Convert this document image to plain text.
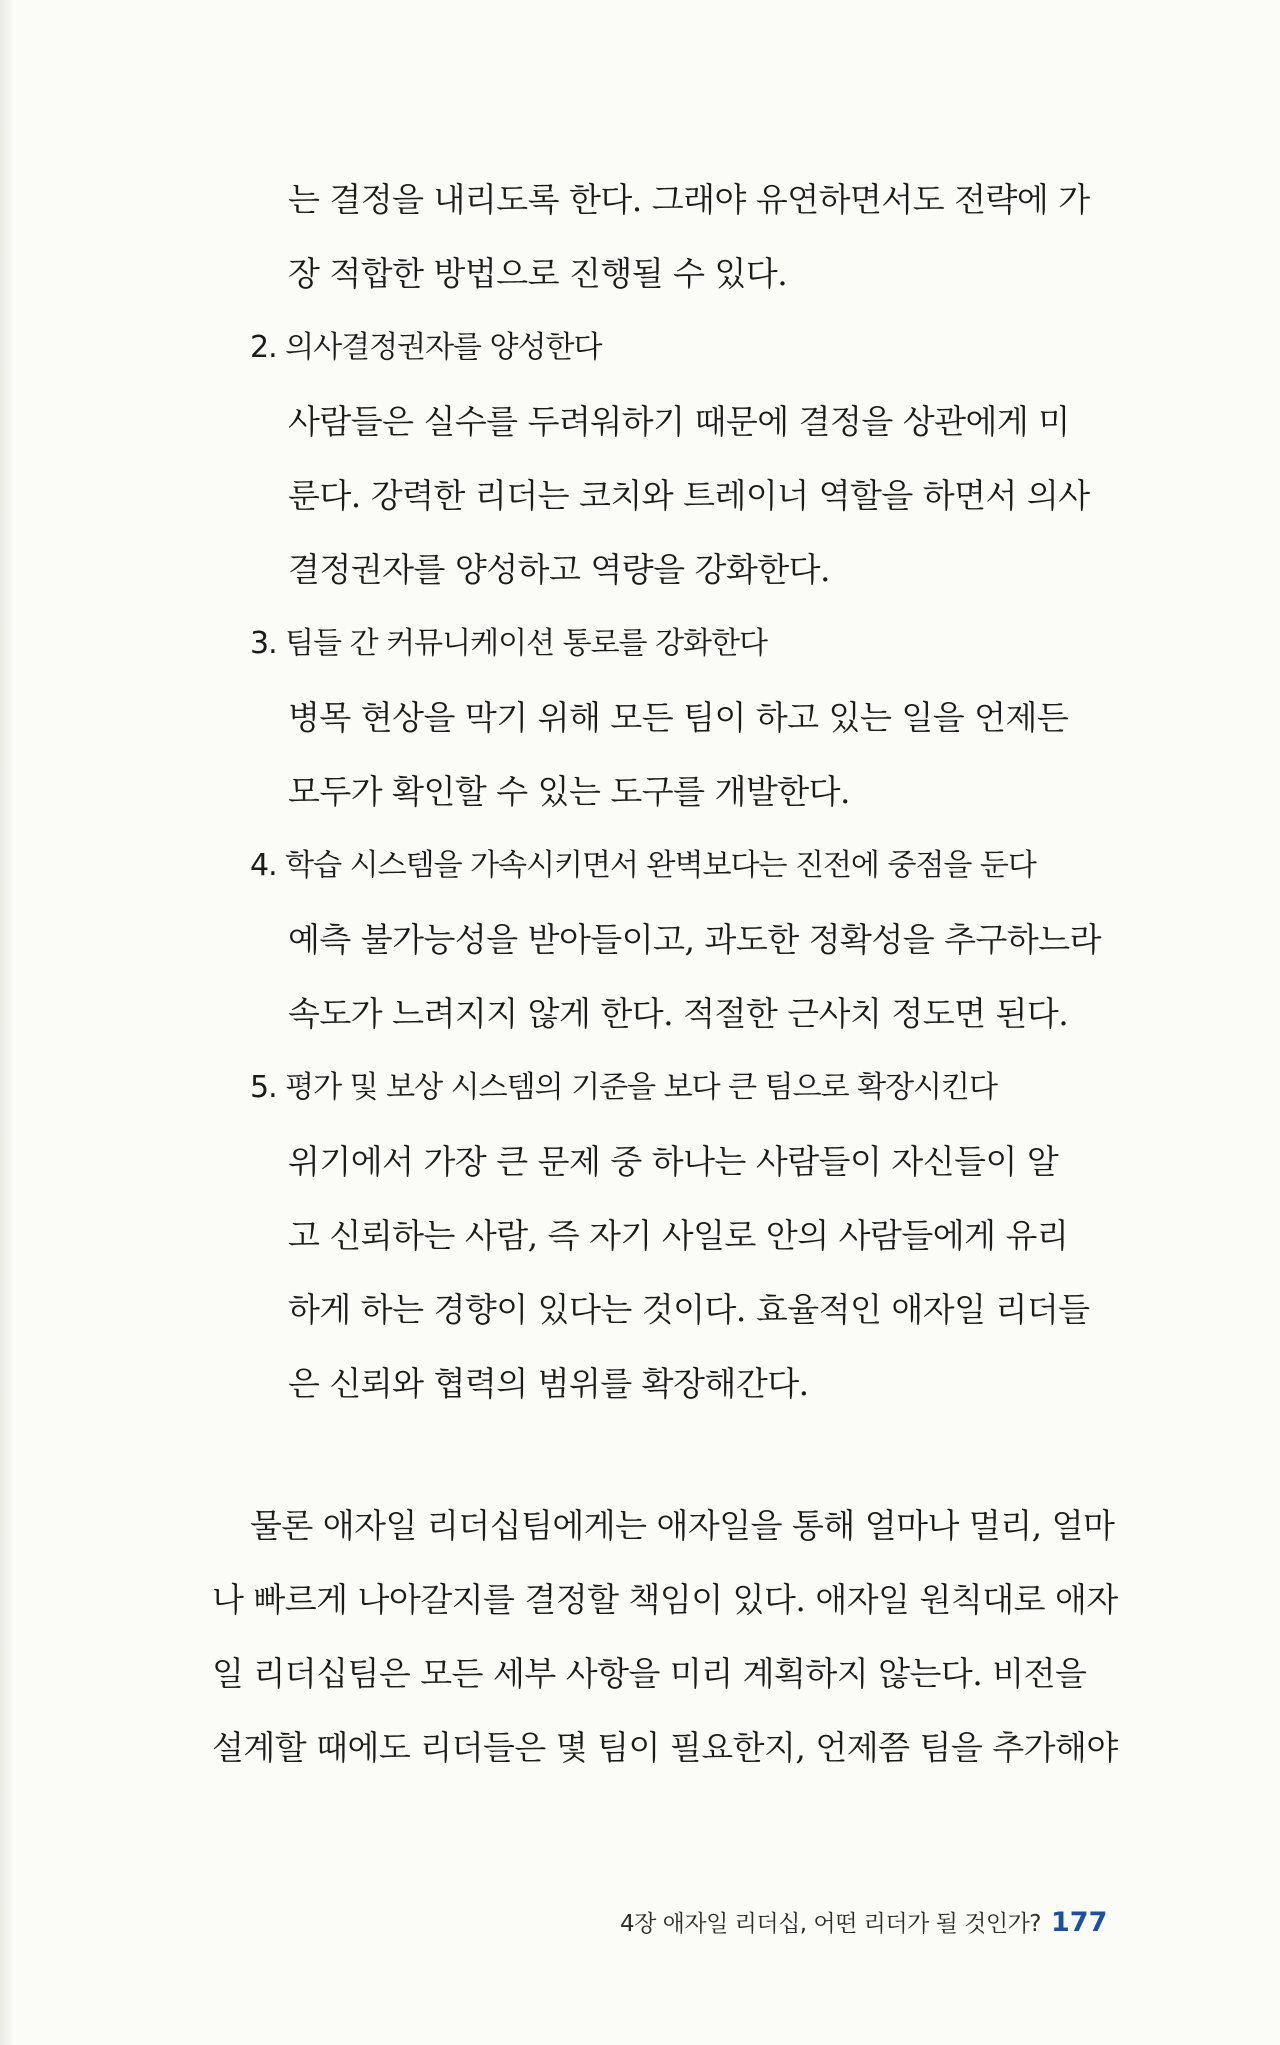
는 결정을 내리도록 한다. 그래야 유연하면서도 전략에 가
장 적합한 방법으로 진행될 수 있다.
2. 의사결정권자를 양성한다
사람들은 실수를 두려워하기 때문에 결정을 상관에게 미
룬다. 강력한 리더는 코치와 트레이너 역할을 하면서 의사
결정권자를 양성하고 역량을 강화한다.
3. 팀들 간 커뮤니케이션 통로를 강화한다
병목 현상을 막기 위해 모든 팀이 하고 있는 일을 언제든
모두가 확인할 수 있는 도구를 개발한다.
4. 학습 시스템을 가속시키면서 완벽보다는 진전에 중점을 둔다
예측 불가능성을 받아들이고, 과도한 정확성을 추구하느라
속도가 느려지지 않게 한다. 적절한 근사치 정도면 된다.
5. 평가 및 보상 시스템의 기준을 보다 큰 팀으로 확장시킨다
위기에서 가장 큰 문제 중 하나는 사람들이 자신들이 알
고 신뢰하는 사람, 즉 자기 사일로 안의 사람들에게 유리
하게 하는 경향이 있다는 것이다. 효율적인 애자일 리더들
은 신뢰와 협력의 범위를 확장해간다.
물론 애자일 리더십팀에게는 애자일을 통해 얼마나 멀리, 얼마
나 빠르게 나아갈지를 결정할 책임이 있다. 애자일 원칙대로 애자
일 리더십팀은 모든 세부 사항을 미리 계획하지 않는다. 비전을
설계할 때에도 리더들은 몇 팀이 필요한지, 언제쯤 팀을 추가해야
4장 애자일 리더십, 어떤 리더가 될 것인가? 177
